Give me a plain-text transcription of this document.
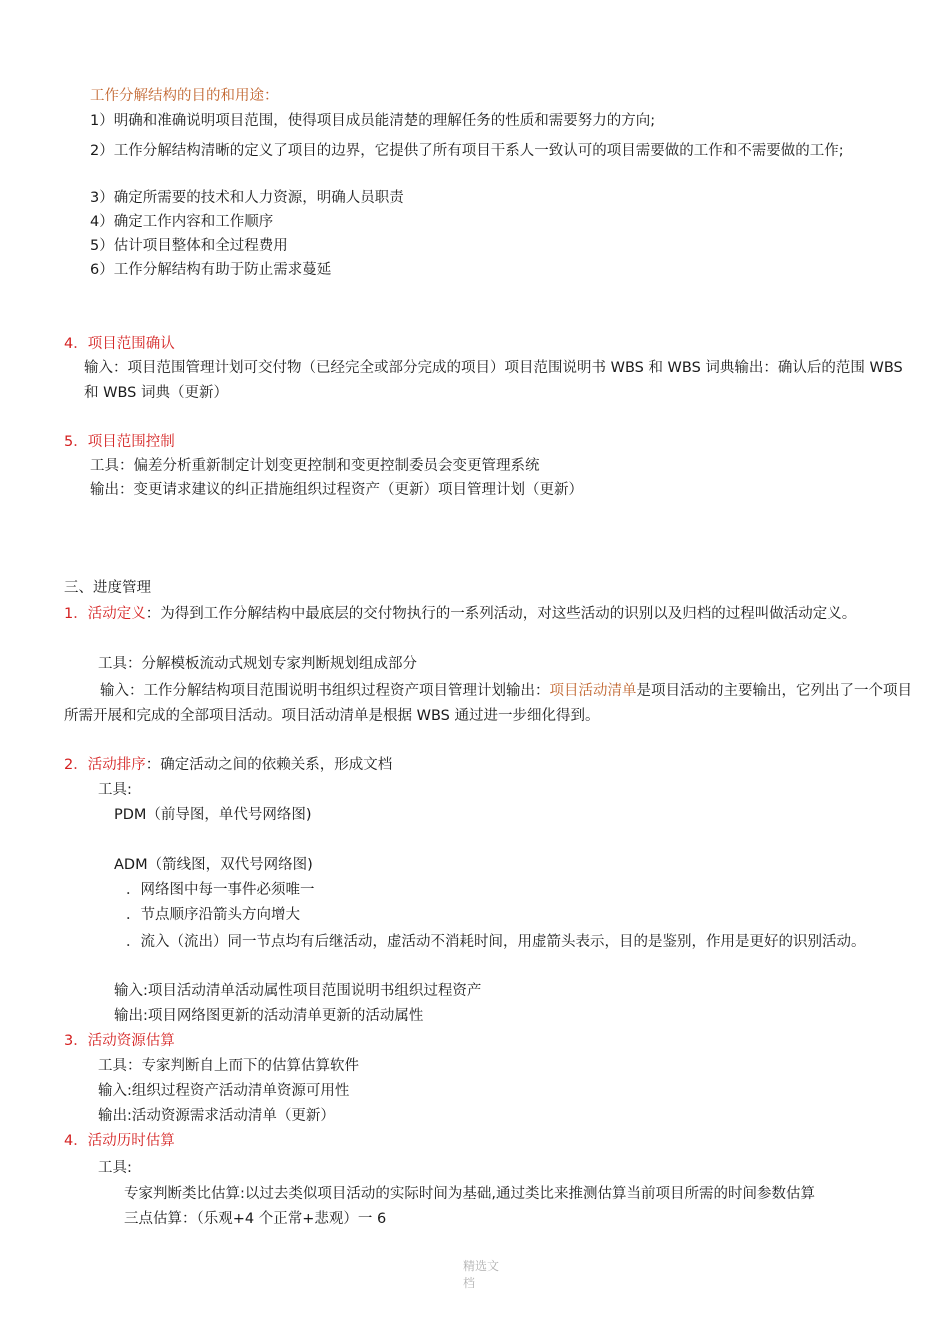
工作分解结构的目的和用途：
1）明确和准确说明项目范围，使得项目成员能清楚的理解任务的性质和需要努力的方向;
2）工作分解结构清晰的定义了项目的边界，它提供了所有项目干系人一致认可的项目需要做的工作和不需要做的工作;
3）确定所需要的技术和人力资源，明确人员职责
4）确定工作内容和工作顺序
5）估计项目整体和全过程费用
6）工作分解结构有助于防止需求蔓延
4．项目范围确认
输入：项目范围管理计划可交付物（已经完全或部分完成的项目）项目范围说明书 WBS 和 WBS 词典输出：确认后的范围 WBS 和 WBS 词典（更新）
5．项目范围控制
工具：偏差分析重新制定计划变更控制和变更控制委员会变更管理系统
输出：变更请求建议的纠正措施组织过程资产（更新）项目管理计划（更新）
三、进度管理
1．活动定义：为得到工作分解结构中最底层的交付物执行的一系列活动，对这些活动的识别以及归档的过程叫做活动定义。
工具：分解模板流动式规划专家判断规划组成部分
输入：工作分解结构项目范围说明书组织过程资产项目管理计划输出：项目活动清单是项目活动的主要输出，它列出了一个项目所需开展和完成的全部项目活动。项目活动清单是根据 WBS 通过进一步细化得到。
2．活动排序：确定活动之间的依赖关系，形成文档
工具:
PDM（前导图，单代号网络图)
ADM（箭线图，双代号网络图)
．网络图中每一事件必须唯一
．节点顺序沿箭头方向增大
．流入（流出）同一节点均有后继活动，虚活动不消耗时间，用虚箭头表示，目的是鉴别，作用是更好的识别活动。
输入:项目活动清单活动属性项目范围说明书组织过程资产
输出:项目网络图更新的活动清单更新的活动属性
3．活动资源估算
工具：专家判断自上而下的估算估算软件
输入:组织过程资产活动清单资源可用性
输出:活动资源需求活动清单（更新）
4．活动历时估算
工具:
专家判断类比估算:以过去类似项目活动的实际时间为基础,通过类比来推测估算当前项目所需的时间参数估算
三点估算：（乐观+4 个正常+悲观）一 6
精选文档
